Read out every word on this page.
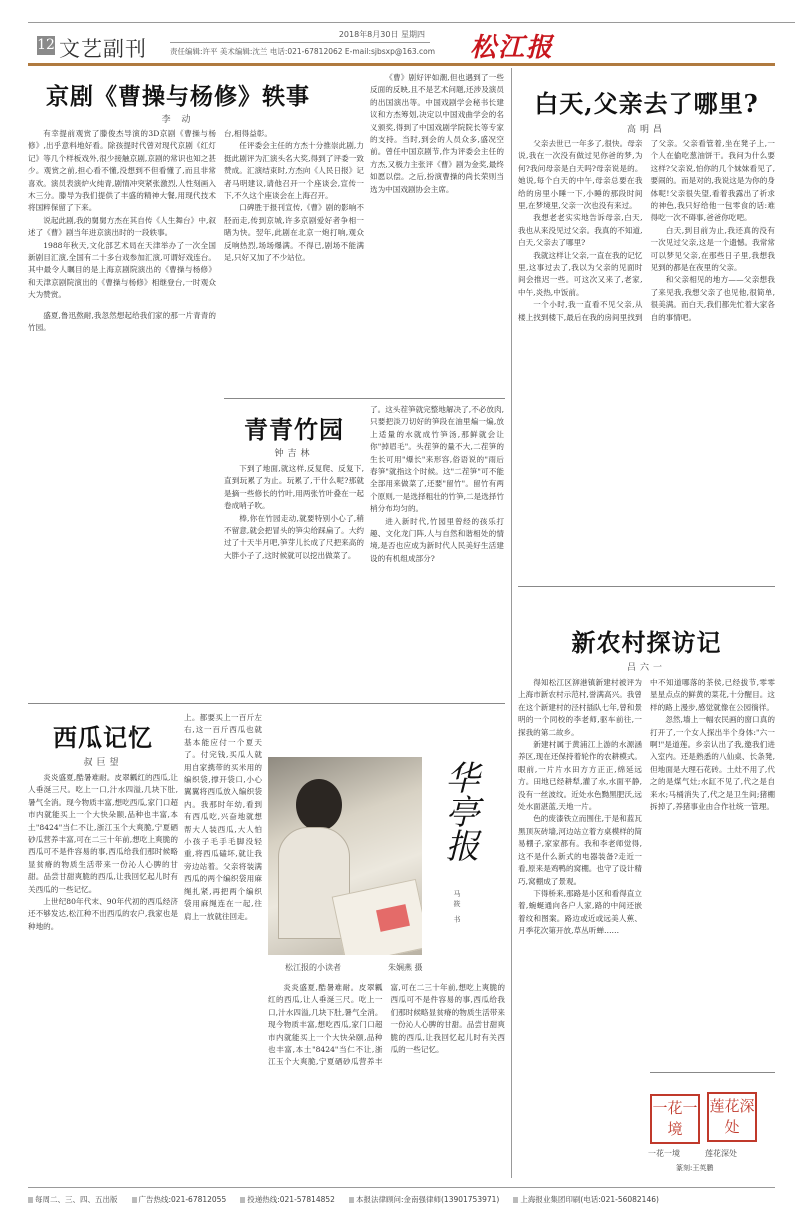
12 文艺副刊
2018年8月30日 星期四
责任编辑:许平 美术编辑:沈兰 电话:021-67812062 E-mail:sjbsxp@163.com 松江报
京剧《曹操与杨修》轶事
李 动

有幸提前观赏了滕俊杰导演的3D京剧《曹操与杨修》,出乎意料地好看。除孩提时代曾对现代京剧《红灯记》等几个样板戏外,很少接触京剧,京剧的常识也知之甚少。观赏之前,担心看不懂,没想到不但看懂了,而且非常喜欢。演员表演炉火纯青,剧情冲突紧张激烈,人性刻画入木三分。滕导为我们提供了丰盛的精神大餐,用现代技术将国粹保留了下来。

说起此剧,我的舅舅方杰在其自传《人生舞台》中,叙述了《曹》剧当年进京演出时的一段轶事。

1988年秋天,文化部艺术局在天津举办了一次全国新剧目汇演,全国有二十多台戏参加汇演,可谓好戏连台。其中最令人瞩目的是上海京剧院演出的《曹操与杨修》和天津京剧院演出的《曹操与杨修》相继登台,一时观众大为赞赏。

盛夏,鲁迅熬耐,我忽然想起给我们家的那一片青青的竹园。

台,相得益彰。

任评委会主任的方杰十分推崇此剧,力挺此剧评为汇演头名大奖,得到了评委一致赞成。汇演结束时,方杰向《人民日报》记者马明建议,请他召开一个座谈会,宣传一下,不久这个座谈会在上海召开。

口碑胜于报刊宣传,《曹》剧的影响不胫而走,传到京城,许多京剧爱好者争相一睹为快。翌年,此剧在北京一炮打响,观众反响热烈,场场爆满。不得已,剧场不能满足,只好又加了不少站位。

《曹》剧好评如潮,但也遇到了一些反面的反映,且不是艺术问题,还涉及演员的出国演出等。中国戏剧学会秘书长建议和方杰筹划,决定以中国戏曲学会的名义颁奖,得到了中国戏剧学院院长等专家的支持。当时,到会的人员众多,盛况空前。曾任中国京剧节,作为评委会主任的方杰,又极力主张评《曹》剧为金奖,最终如愿以偿。之后,扮演曹操的尚长荣则当选为中国戏剧协会主席。

青青竹园
钟吉林

下到了地面,就这样,反复爬、反复下,直到玩累了为止。玩累了,干什么呢?那就是摘一些修长的竹叶,用两张竹叶叠在一起卷成哨子吹。

棒,你在竹园走动,就要特别小心了,稍不留意,就会把冒头的笋尖给踩扁了。大约过了十天半月吧,笋芽儿长成了尺把来高的大胖小子了,这时候就可以挖出做菜了。

了。这头茬笋就完整地解决了,不必放肉,只要把淡刀切好的笋段在油里煸一煸,放上适量的水就成竹笋汤,那鲜就会让你"掉眉毛"。头茬笋的量不大,二茬笋的生长可用"爆长"来形容,俗语说的"雨后春笋"就指这个时候。这"二茬笋"可不能全部用来做菜了,还要"留竹"。留竹有两个原则,一是选择粗壮的竹笋,二是选择竹梢分布均匀的。

进入新时代,竹园里曾经的孩乐打趣、文化龙门阵,人与自然和谐相处的情境,是否也应成为新时代人民美好生活建设的有机组成部分?

西瓜记忆
叔巨望

炎炎盛夏,酷暑难耐。皮翠瓤红的西瓜,让人垂涎三尺。吃上一口,汁水四溢,几块下肚,暑气全消。现今物质丰富,想吃西瓜,家门口超市内就能买上一个大快朵颐,品种也丰富,本土"8424"当仁不让,浙江玉个大爽脆,宁夏硒砂瓜营养丰富,可在二三十年前,想吃上爽脆的西瓜可不是件容易的事,西瓜给我们那时候略显贫瘠的物质生活带来一份沁人心脾的甘甜。品尝甘甜爽脆的西瓜,让我回忆起儿时有关西瓜的一些记忆。

上世纪80年代末、90年代初的西瓜经济还不够发达,松江种不出西瓜的农户,我家也是种地的。

上。都要买上一百斤左右,这一百斤西瓜也就基本能应付一个夏天了。付完钱,买瓜人就用自家携带的买米用的编织袋,撑开袋口,小心翼翼将西瓜放入编织袋内。我那时年幼,看到有西瓜吃,兴奋地就想帮大人装西瓜,大人怕小孩子毛手毛脚没轻重,将西瓜磕坏,就让我旁边站着。父亲将装满西瓜的两个编织袋用麻绳扎紧,再把两个编织袋用麻绳连在一起,往肩上一放就往回走。

华亭报
马筱 书
松江报的小读者	朱娴燕 摄

炎炎盛夏,酷暑难耐。皮翠瓤红的西瓜,让人垂涎三尺。吃上一口,汁水四溢,几块下肚,暑气全消。现今物质丰富,想吃西瓜,家门口超市内就能买上一个大快朵颐,品种也丰富,本土"8424"当仁不让,浙江玉个大爽脆,宁夏硒砂瓜营养丰富,可在二三十年前,想吃上爽脆的西瓜可不是件容易的事,西瓜给我们那时候略显贫瘠的物质生活带来一份沁人心脾的甘甜。品尝甘甜爽脆的西瓜,让我回忆起儿时有关西瓜的一些记忆。

白天,父亲去了哪里?
高明昌

父亲去世已一年多了,很快。母亲说,我在一次没有做过见你爸的梦,为何?我问母亲是白天吗?母亲说是的。她说,每个白天的中午,母亲总要在我给的房里小睡一下,小睡的那段时间里,在梦境里,父亲一次也没有来过。

我想老老实实地告诉母亲,白天,我也从来没见过父亲。我真的不知道,白天,父亲去了哪里?

我就这样让父亲,一直在我的记忆里,这事过去了,我以为父亲的见面时间会推迟一些。可这次又来了,老家,中午,炎热,中饭前。

一个小时,我一直看不见父亲,从楼上找到楼下,最后在我的房间里找到了父亲。父亲看管着,坐在凳子上,一个人在偷吃葱油饼干。我问为什么要这样?父亲说,怕你的几个妹妹看见了,要闹的。而是对的,我说这是为你的身体呢!父亲很失望,看着我露出了祈求的神色,我只好给他一包零食的话:难得吃一次不碍事,爸爸你吃吧。

白天,到目前为止,我还真的没有一次见过父亲,这是一个遗憾。我常常可以梦见父亲,在那些日子里,我想我见到的都是在夜里的父亲。

和父亲相见的地方——父亲想我了来见我,我想父亲了也见他,很简单,很美满。而白天,我们都先忙着大家各自的事情吧。

新农村探访记
吕六一

得知松江区泖港镇新建村被评为上海市新农村示范村,誉满高兴。我曾在这个新建村的泾村插队七年,曾和景明的一个同校的李老师,驱车前往,一探我的第二故乡。

新建村属于黄浦江上游的水源涵养区,现在还保持着轮作的农耕模式。眼前,一片片水田方方正正,绵延远方。田地已经耕犁,灌了水,水面平静,没有一丝波纹。近处水色黝黑肥沃,远处水面湛蓝,天地一片。

色的废漆铁立而围住,于是和蓝瓦黑顶灰砖墙,河边站立着方桌模样的简易棚子,家家都有。我和李老师觉得,这不是什么新式的电器装备?走近一看,原来是鸡鸭的窝棚。也守了设计精巧,窝棚成了景观。

下得桥来,那路是小区和看得直立着,蜿蜒通向各户人家,路的中间还嵌着纹和图案。路边或近或远美人蕉、月季花次第开放,草丛听蝉……

中不知道哪落的茶侯,已经拔节,零零星星点点的鲜黄的菜花,十分醒目。这样的路上漫步,感觉就像在公园徜徉。

忽然,墙上一幅农民画的窗口真的打开了,一个女人探出半个身体:"六一啊!"是道莲。乡亲认出了我,邀我们进入室内。还是熟悉的八仙桌、长条凳,但地面是大理石花砖。土灶不用了,代之的是煤气灶;水缸不见了,代之是自来水;马桶消失了,代之是卫生间;猪棚拆掉了,养猪事业由合作社统一管理。

一花一境
莲花深处
一花一境	莲花深处
篆刻:王英鹏
每周二、三、四、五出版	广告热线:021-67812055	投递热线:021-57814852	本报法律顾问:金南强律师(13901753971)	上海报业集团印刷(电话:021-56082146)
